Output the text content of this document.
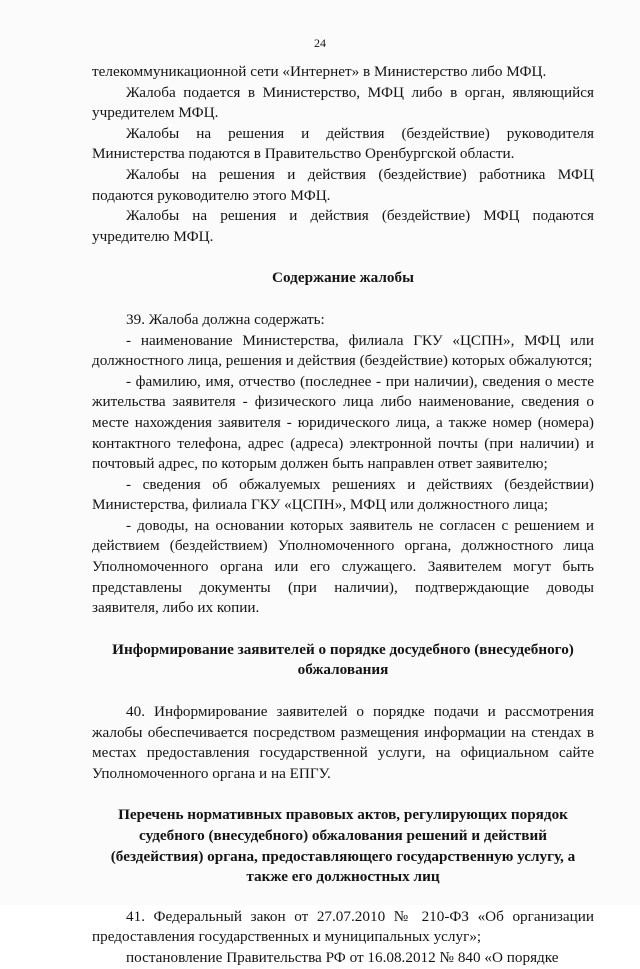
24

телекоммуникационной сети «Интернет» в Министерство либо МФЦ.

Жалоба подается в Министерство, МФЦ либо в орган, являющийся учредителем МФЦ.

Жалобы на решения и действия (бездействие) руководителя Министерства подаются в Правительство Оренбургской области.

Жалобы на решения и действия (бездействие) работника МФЦ подаются руководителю этого МФЦ.

Жалобы на решения и действия (бездействие) МФЦ подаются учредителю МФЦ.

Содержание жалобы

39. Жалоба должна содержать:

- наименование Министерства, филиала ГКУ «ЦСПН», МФЦ или должностного лица, решения и действия (бездействие) которых обжалуются;

- фамилию, имя, отчество (последнее - при наличии), сведения о месте жительства заявителя - физического лица либо наименование, сведения о месте нахождения заявителя - юридического лица, а также номер (номера) контактного телефона, адрес (адреса) электронной почты (при наличии) и почтовый адрес, по которым должен быть направлен ответ заявителю;

- сведения об обжалуемых решениях и действиях (бездействии) Министерства, филиала ГКУ «ЦСПН», МФЦ или должностного лица;

- доводы, на основании которых заявитель не согласен с решением и действием (бездействием) Уполномоченного органа, должностного лица Уполномоченного органа или его служащего. Заявителем могут быть представлены документы (при наличии), подтверждающие доводы заявителя, либо их копии.

Информирование заявителей о порядке досудебного (внесудебного) обжалования

40. Информирование заявителей о порядке подачи и рассмотрения жалобы обеспечивается посредством размещения информации на стендах в местах предоставления государственной услуги, на официальном сайте Уполномоченного органа и на ЕПГУ.

Перечень нормативных правовых актов, регулирующих порядок судебного (внесудебного) обжалования решений и действий (бездействия) органа, предоставляющего государственную услугу, а также его должностных лиц

41. Федеральный закон от 27.07.2010 № 210-ФЗ «Об организации предоставления государственных и муниципальных услуг»;

постановление Правительства РФ от 16.08.2012 № 840 «О порядке
